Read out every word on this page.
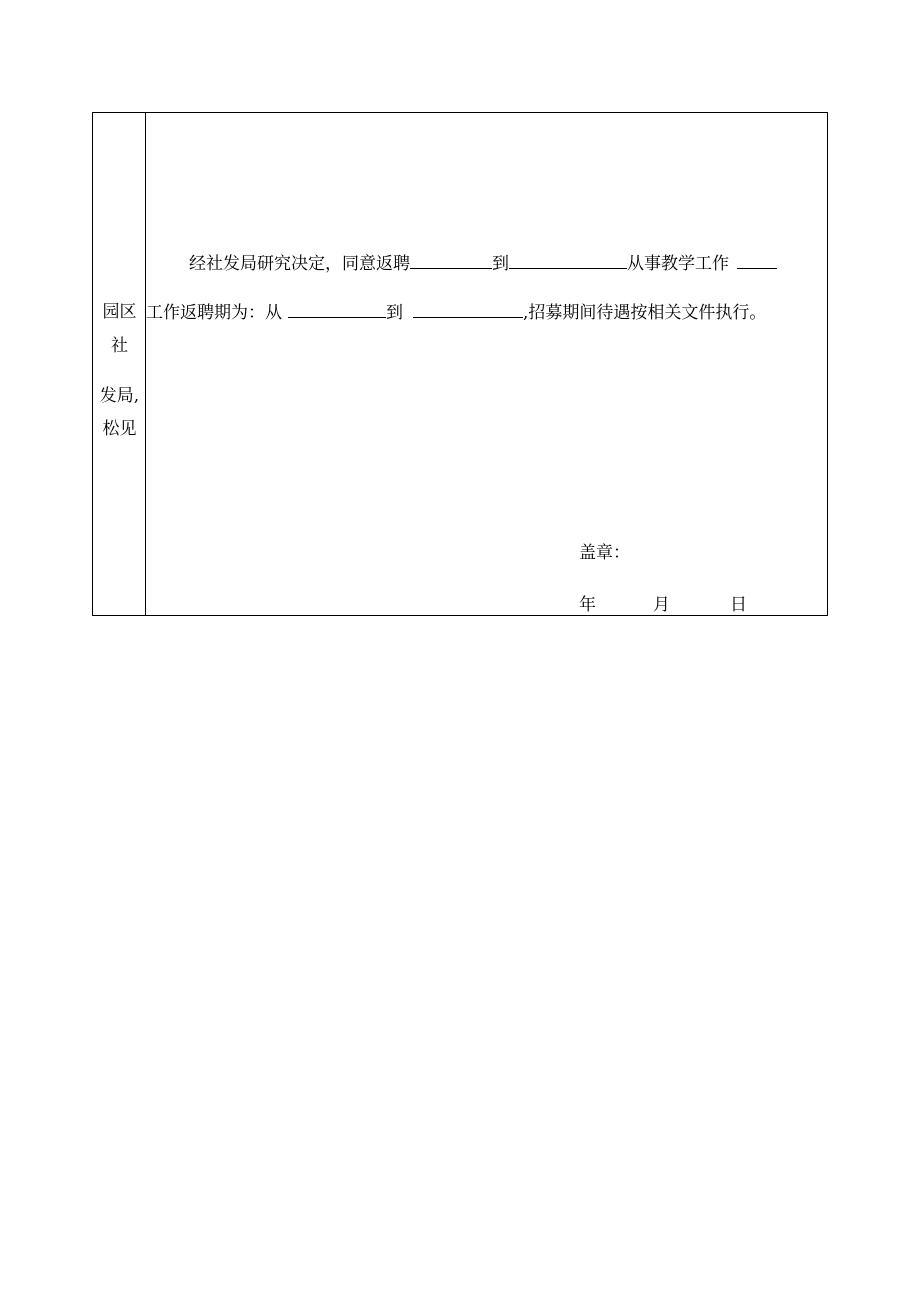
园区
社
发局,
松见
经社发局研究决定，同意返聘	到	从事教学工作
工作返聘期为：从	到	,招募期间待遇按相关文件执行。
盖章：
年	月	日
